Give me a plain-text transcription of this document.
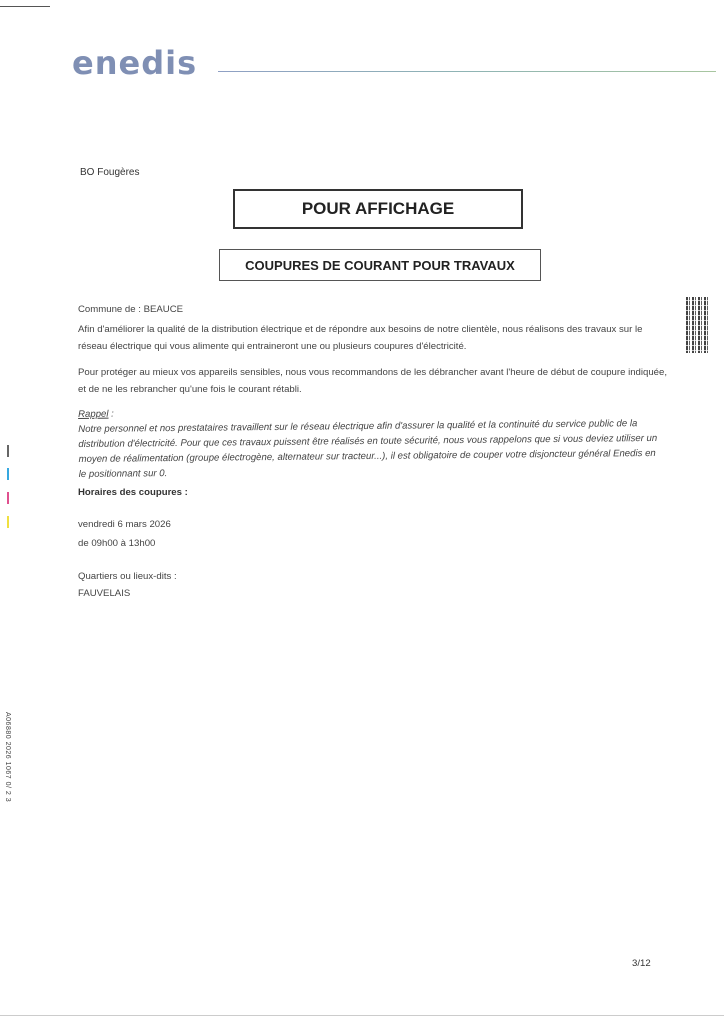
enedis
BO Fougères
POUR AFFICHAGE
COUPURES DE COURANT POUR TRAVAUX
Commune de : BEAUCE
Afin d'améliorer la qualité de la distribution électrique et de répondre aux besoins de notre clientèle, nous réalisons des travaux sur le réseau électrique qui vous alimente qui entraineront une ou plusieurs coupures d'électricité.
Pour protéger au mieux vos appareils sensibles, nous vous recommandons de les débrancher avant l'heure de début de coupure indiquée, et de ne les rebrancher qu'une fois le courant rétabli.
Rappel :
Notre personnel et nos prestataires travaillent sur le réseau électrique afin d'assurer la qualité et la continuité du service public de la distribution d'électricité. Pour que ces travaux puissent être réalisés en toute sécurité, nous vous rappelons que si vous deviez utiliser un moyen de réalimentation (groupe électrogène, alternateur sur tracteur...), il est obligatoire de couper votre disjoncteur général Enedis en le positionnant sur 0.
Horaires des coupures :
vendredi 6 mars 2026
de 09h00 à 13h00
Quartiers ou lieux-dits :
FAUVELAIS
A06880 2026 1067 0/ 2 3
3/12
